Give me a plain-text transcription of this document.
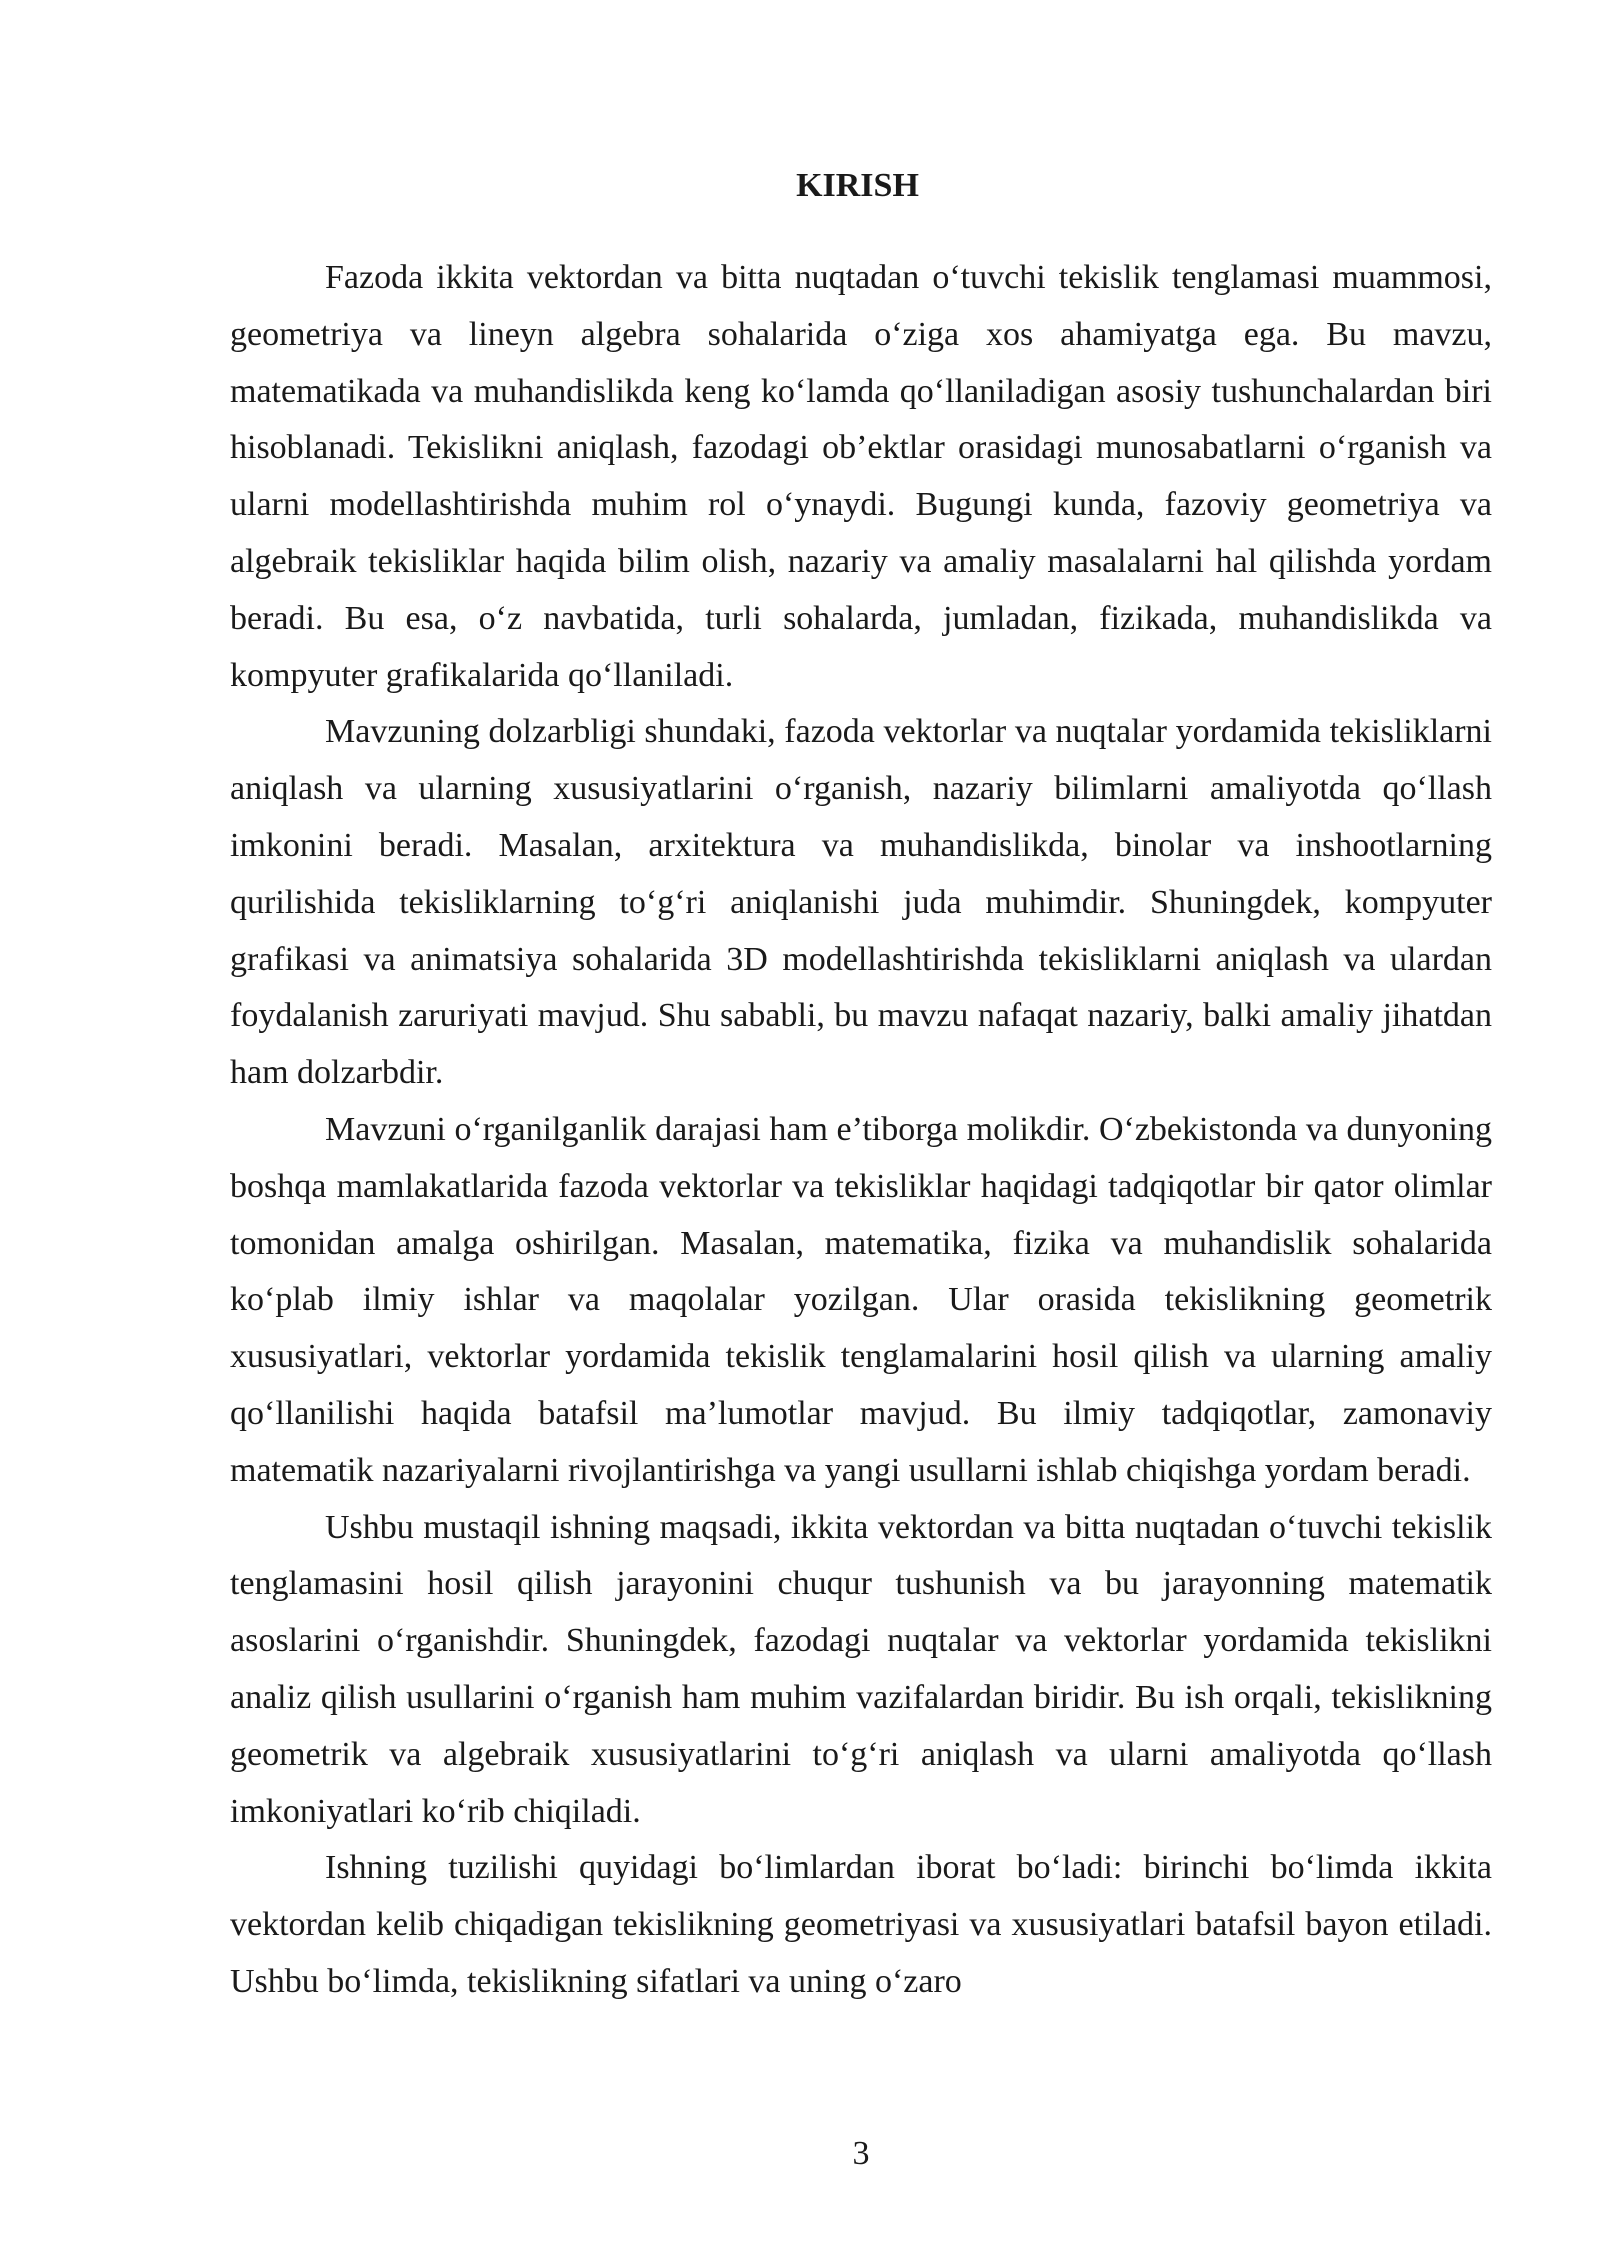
KIRISH

Fazoda ikkita vektordan va bitta nuqtadan o‘tuvchi tekislik tenglamasi muammosi, geometriya va lineyn algebra sohalarida o‘ziga xos ahamiyatga ega. Bu mavzu, matematikada va muhandislikda keng ko‘lamda qo‘llaniladigan asosiy tushunchalardan biri hisoblanadi. Tekislikni aniqlash, fazodagi ob’ektlar orasidagi munosabatlarni o‘rganish va ularni modellashtirishda muhim rol o‘ynaydi. Bugungi kunda, fazoviy geometriya va algebraik tekisliklar haqida bilim olish, nazariy va amaliy masalalarni hal qilishda yordam beradi. Bu esa, o‘z navbatida, turli sohalarda, jumladan, fizikada, muhandislikda va kompyuter grafikalarida qo‘llaniladi.

Mavzuning dolzarbligi shundaki, fazoda vektorlar va nuqtalar yordamida tekisliklarni aniqlash va ularning xususiyatlarini o‘rganish, nazariy bilimlarni amaliyotda qo‘llash imkonini beradi. Masalan, arxitektura va muhandislikda, binolar va inshootlarning qurilishida tekisliklarning to‘g‘ri aniqlanishi juda muhimdir. Shuningdek, kompyuter grafikasi va animatsiya sohalarida 3D modellashtirishda tekisliklarni aniqlash va ulardan foydalanish zaruriyati mavjud. Shu sababli, bu mavzu nafaqat nazariy, balki amaliy jihatdan ham dolzarbdir.

Mavzuni o‘rganilganlik darajasi ham e’tiborga molikdir. O‘zbekistonda va dunyoning boshqa mamlakatlarida fazoda vektorlar va tekisliklar haqidagi tadqiqotlar bir qator olimlar tomonidan amalga oshirilgan. Masalan, matematika, fizika va muhandislik sohalarida ko‘plab ilmiy ishlar va maqolalar yozilgan. Ular orasida tekislikning geometrik xususiyatlari, vektorlar yordamida tekislik tenglamalarini hosil qilish va ularning amaliy qo‘llanilishi haqida batafsil ma’lumotlar mavjud. Bu ilmiy tadqiqotlar, zamonaviy matematik nazariyalarni rivojlantirishga va yangi usullarni ishlab chiqishga yordam beradi.

Ushbu mustaqil ishning maqsadi, ikkita vektordan va bitta nuqtadan o‘tuvchi tekislik tenglamasini hosil qilish jarayonini chuqur tushunish va bu jarayonning matematik asoslarini o‘rganishdir. Shuningdek, fazodagi nuqtalar va vektorlar yordamida tekislikni analiz qilish usullarini o‘rganish ham muhim vazifalardan biridir. Bu ish orqali, tekislikning geometrik va algebraik xususiyatlarini to‘g‘ri aniqlash va ularni amaliyotda qo‘llash imkoniyatlari ko‘rib chiqiladi.

Ishning tuzilishi quyidagi bo‘limlardan iborat bo‘ladi: birinchi bo‘limda ikkita vektordan kelib chiqadigan tekislikning geometriyasi va xususiyatlari batafsil bayon etiladi. Ushbu bo‘limda, tekislikning sifatlari va uning o‘zaro

3
